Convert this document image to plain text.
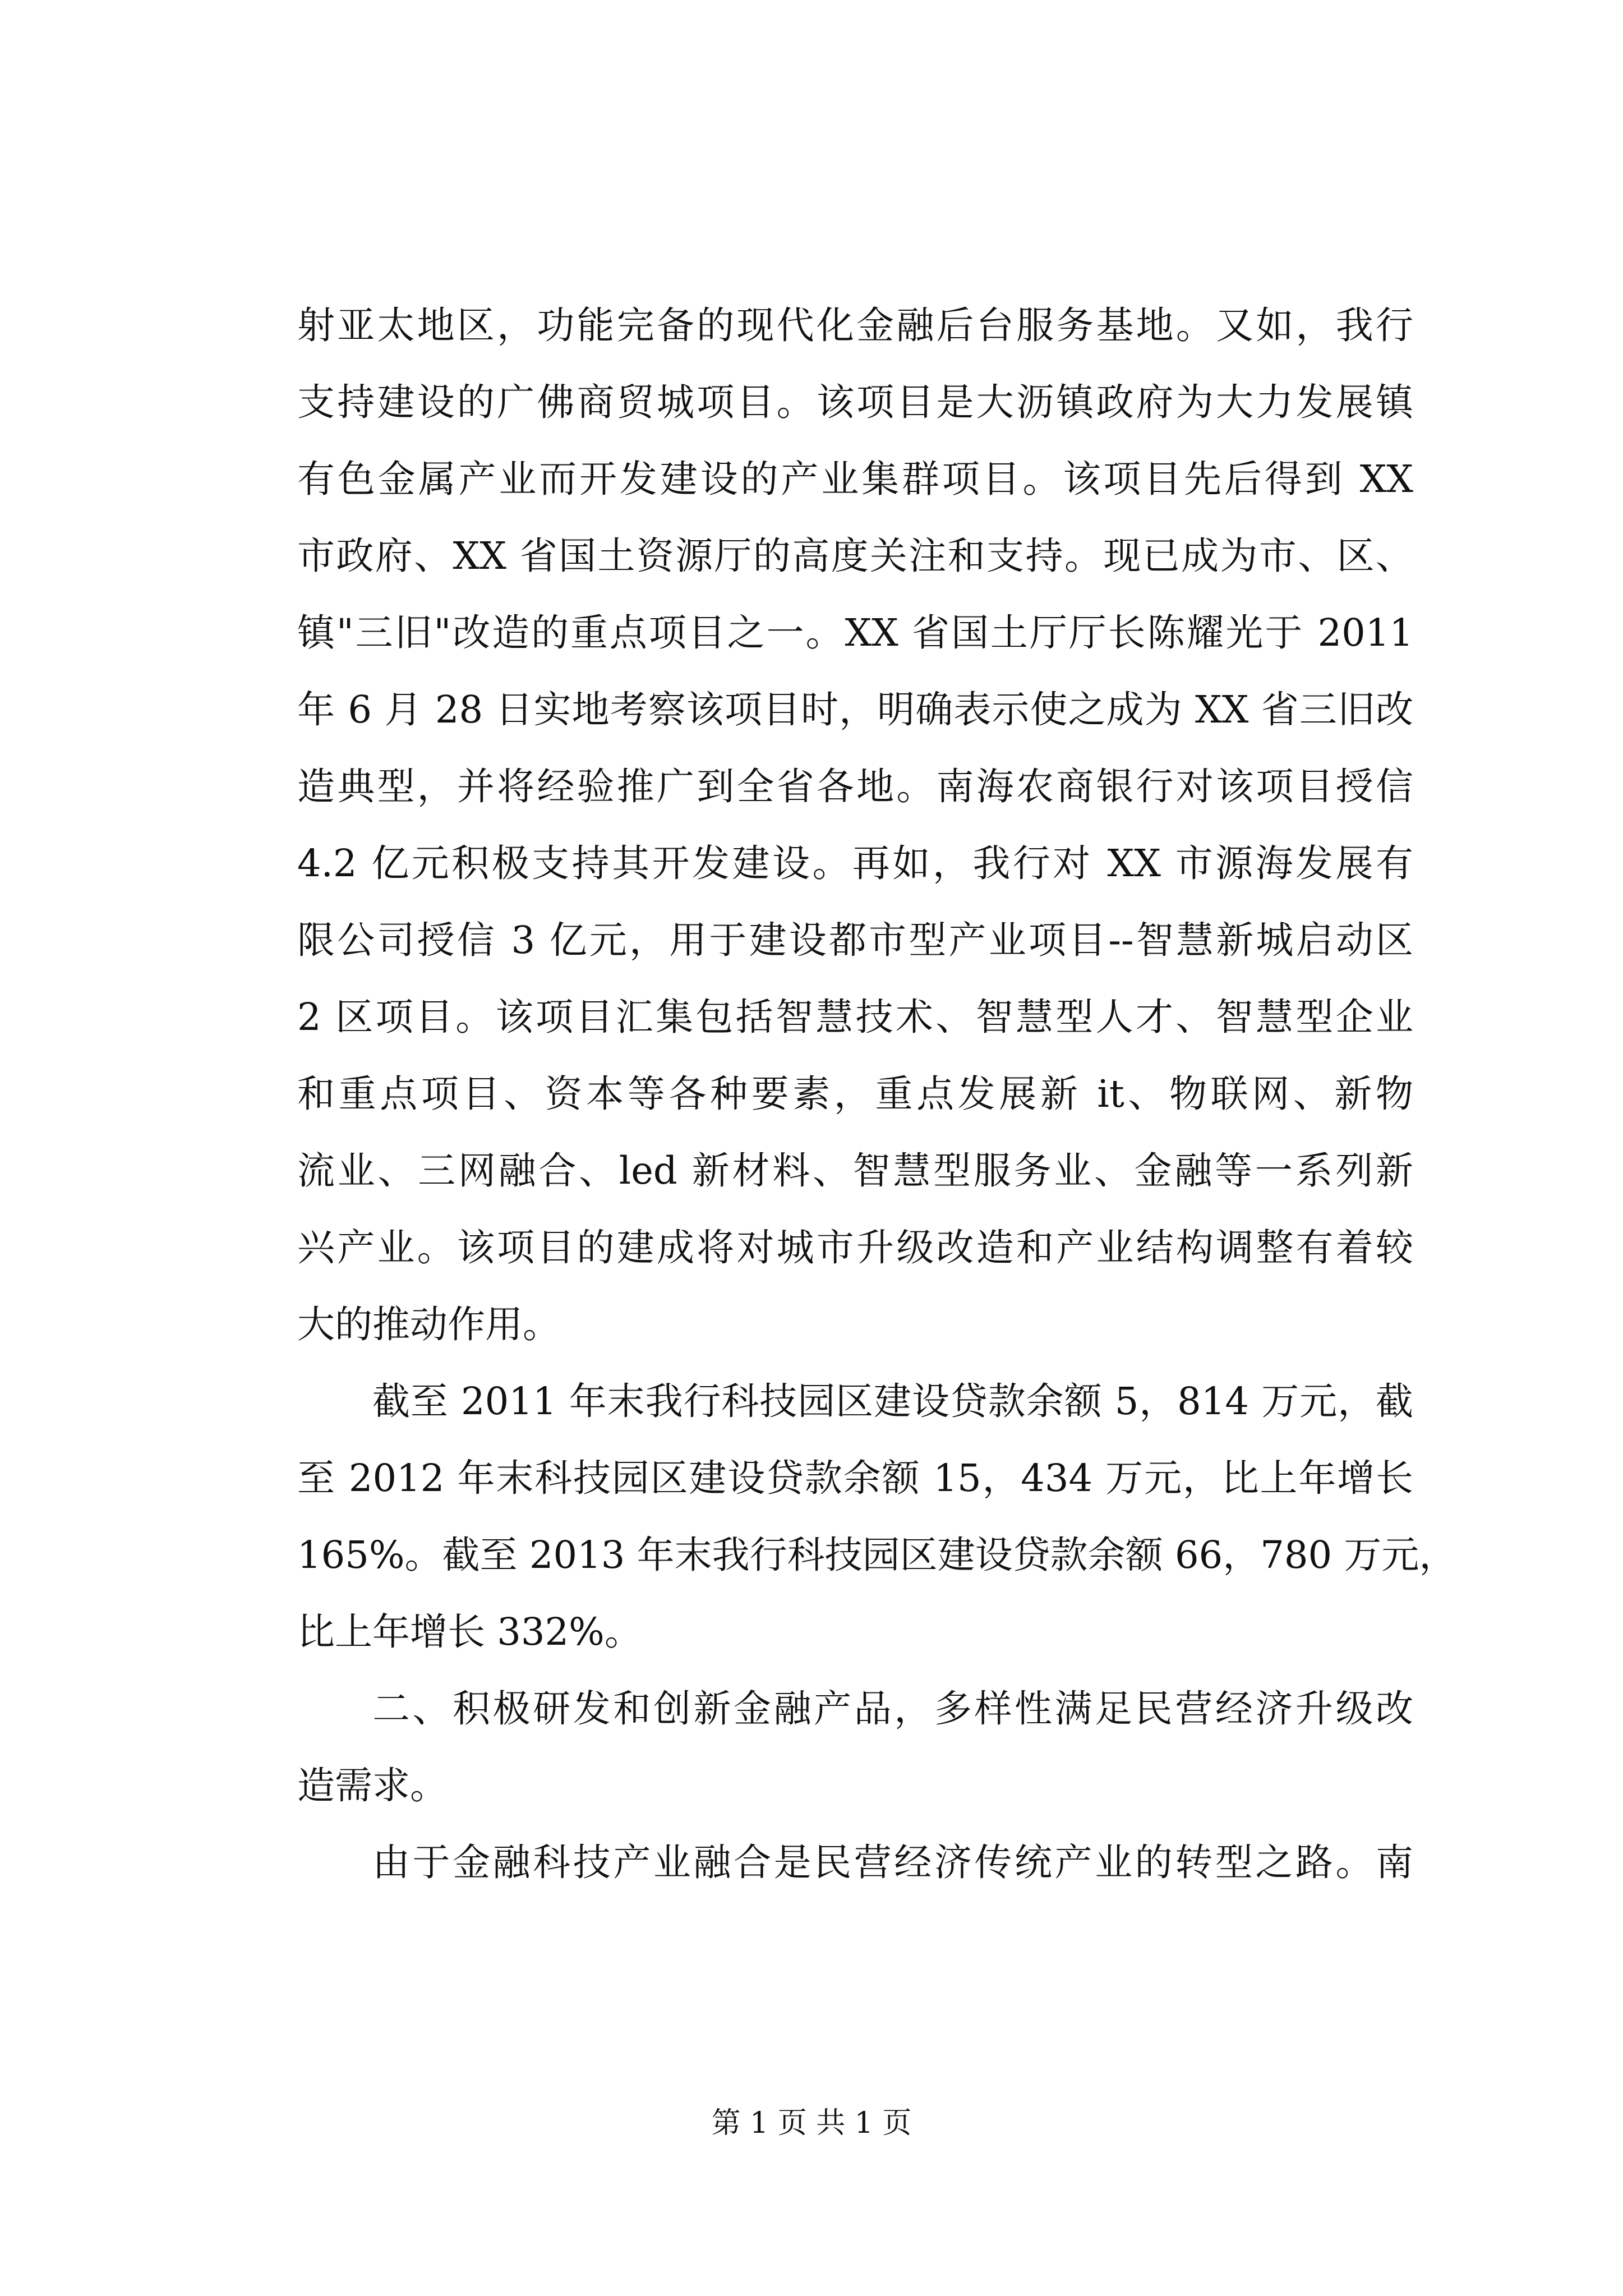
射亚太地区，功能完备的现代化金融后台服务基地。又如，我行
支持建设的广佛商贸城项目。该项目是大沥镇政府为大力发展镇
有色金属产业而开发建设的产业集群项目。该项目先后得到 XX
市政府、XX 省国土资源厅的高度关注和支持。现已成为市、区、
镇"三旧"改造的重点项目之一。XX 省国土厅厅长陈耀光于 2011
年 6 月 28 日实地考察该项目时，明确表示使之成为 XX 省三旧改
造典型，并将经验推广到全省各地。南海农商银行对该项目授信
4.2 亿元积极支持其开发建设。再如，我行对 XX 市源海发展有
限公司授信 3 亿元，用于建设都市型产业项目--智慧新城启动区
2 区项目。该项目汇集包括智慧技术、智慧型人才、智慧型企业
和重点项目、资本等各种要素，重点发展新 it、物联网、新物
流业、三网融合、led 新材料、智慧型服务业、金融等一系列新
兴产业。该项目的建成将对城市升级改造和产业结构调整有着较
大的推动作用。
截至 2011 年末我行科技园区建设贷款余额 5，814 万元，截
至 2012 年末科技园区建设贷款余额 15，434 万元，比上年增长
165%。截至 2013 年末我行科技园区建设贷款余额 66，780 万元，
比上年增长 332%。
二、积极研发和创新金融产品，多样性满足民营经济升级改
造需求。
由于金融科技产业融合是民营经济传统产业的转型之路。南
第 1 页 共 1 页
